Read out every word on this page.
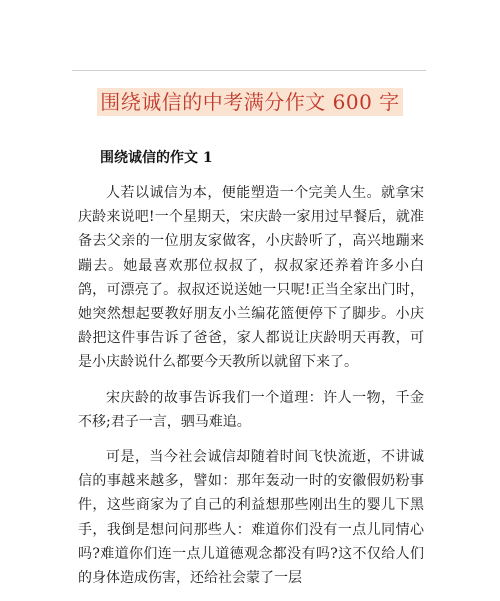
围绕诚信的中考满分作文 600 字
围绕诚信的作文 1

人若以诚信为本，便能塑造一个完美人生。就拿宋庆龄来说吧!一个星期天，宋庆龄一家用过早餐后，就准备去父亲的一位朋友家做客，小庆龄听了，高兴地蹦来蹦去。她最喜欢那位叔叔了，叔叔家还养着许多小白鸽，可漂亮了。叔叔还说送她一只呢!正当全家出门时，她突然想起要教好朋友小兰编花篮便停下了脚步。小庆龄把这件事告诉了爸爸，家人都说让庆龄明天再教，可是小庆龄说什么都要今天教所以就留下来了。

宋庆龄的故事告诉我们一个道理：许人一物，千金不移;君子一言，驷马难追。

可是，当今社会诚信却随着时间飞快流逝，不讲诚信的事越来越多，譬如：那年轰动一时的安徽假奶粉事件，这些商家为了自己的利益想那些刚出生的婴儿下黑手，我倒是想问问那些人：难道你们没有一点儿同情心吗?难道你们连一点儿道德观念都没有吗?这不仅给人们的身体造成伤害，还给社会蒙了一层
